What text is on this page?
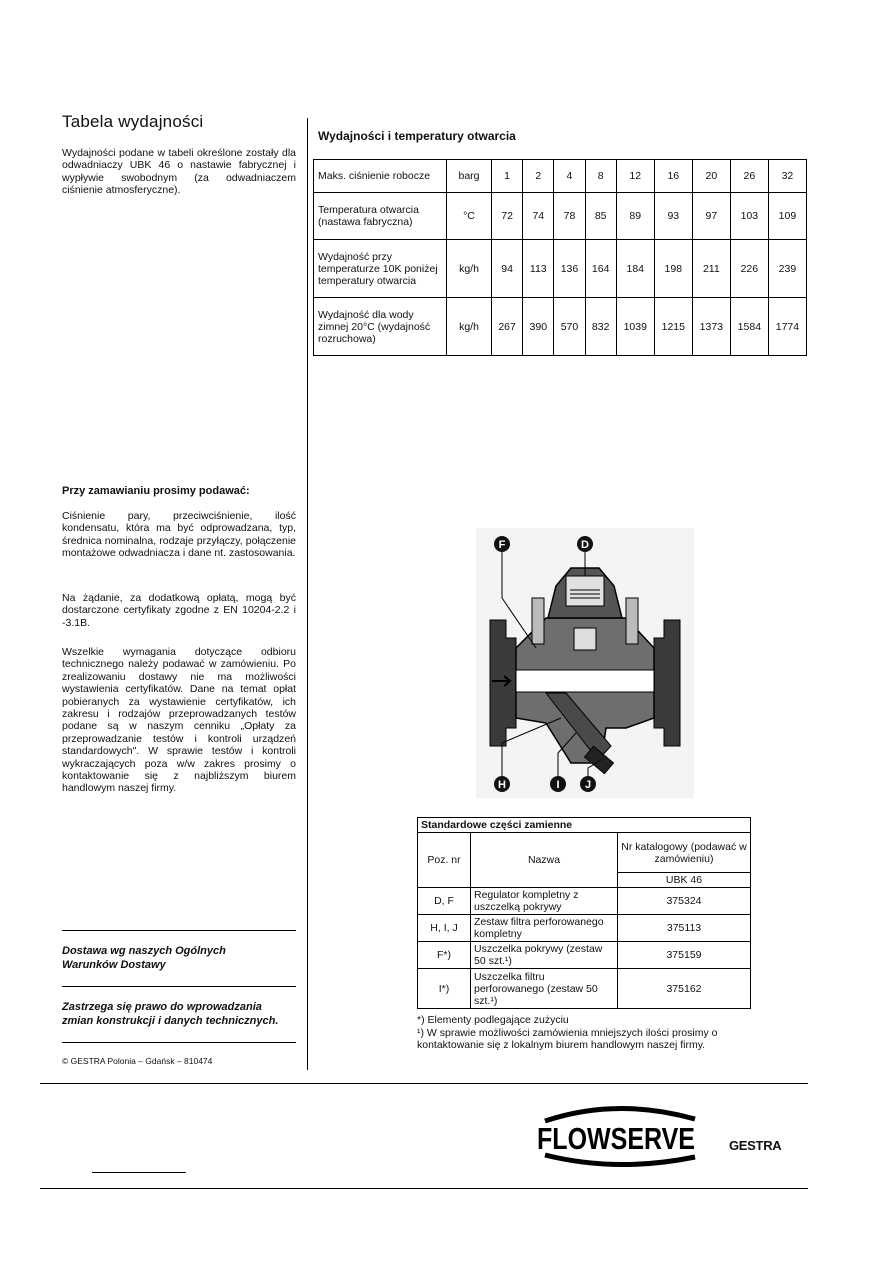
Tabela wydajności

Wydajności podane w tabeli określone zostały dla odwadniaczy UBK 46 o nastawie fabrycznej i wypływie swobodnym (za odwadniaczem ciśnienie atmosferyczne).

Przy zamawianiu prosimy podawać:

Ciśnienie pary, przeciwciśnienie, ilość kondensatu, która ma być odprowadzana, typ, średnica nominalna, rodzaje przyłączy, połączenie montażowe odwadniacza i dane nt. zastosowania.

Na żądanie, za dodatkową opłatą, mogą być dostarczone certyfikaty zgodne z EN 10204-2.2 i -3.1B.

Wszelkie wymagania dotyczące odbioru technicznego należy podawać w zamówieniu. Po zrealizowaniu dostawy nie ma możliwości wystawienia certyfikatów. Dane na temat opłat pobieranych za wystawienie certyfikatów, ich zakresu i rodzajów przeprowadzanych testów podane są w naszym cenniku „Opłaty za przeprowadzanie testów i kontroli urządzeń standardowych". W sprawie testów i kontroli wykraczających poza w/w zakres prosimy o kontaktowanie się z najbliższym biurem handlowym naszej firmy.

Dostawa wg naszych Ogólnych Warunków Dostawy

Zastrzega się prawo do wprowadzania zmian konstrukcji i danych technicznych.

© GESTRA Polonia – Gdańsk – 810474

Wydajności i temperatury otwarcia
Maks. ciśnienie robocze	barg	1	2	4	8	12	16	20	26	32
Temperatura otwarcia (nastawa fabryczna)	°C	72	74	78	85	89	93	97	103	109
Wydajność przy temperaturze 10K poniżej temperatury otwarcia	kg/h	94	113	136	164	184	198	211	226	239
Wydajność dla wody zimnej 20°C (wydajność rozruchowa)	kg/h	267	390	570	832	1039	1215	1373	1584	1774
F	D
H	I J
Standardowe części zamienne		
Poz. nr	Nazwa	Nr katalogowy (podawać w zamówieniu)
		UBK 46
D, F	Regulator kompletny z uszczelką pokrywy	375324
H, I, J	Zestaw filtra perforowanego kompletny	375113
F*)	Uszczelka pokrywy (zestaw 50 szt.¹)	375159
I*)	Uszczelka filtru perforowanego (zestaw 50 szt.¹)	375162
*) Elementy podlegające zużyciu
¹) W sprawie możliwości zamówienia mniejszych ilości prosimy o kontaktowanie się z lokalnym biurem handlowym naszej firmy.
FLOWSERVE	GESTRA
